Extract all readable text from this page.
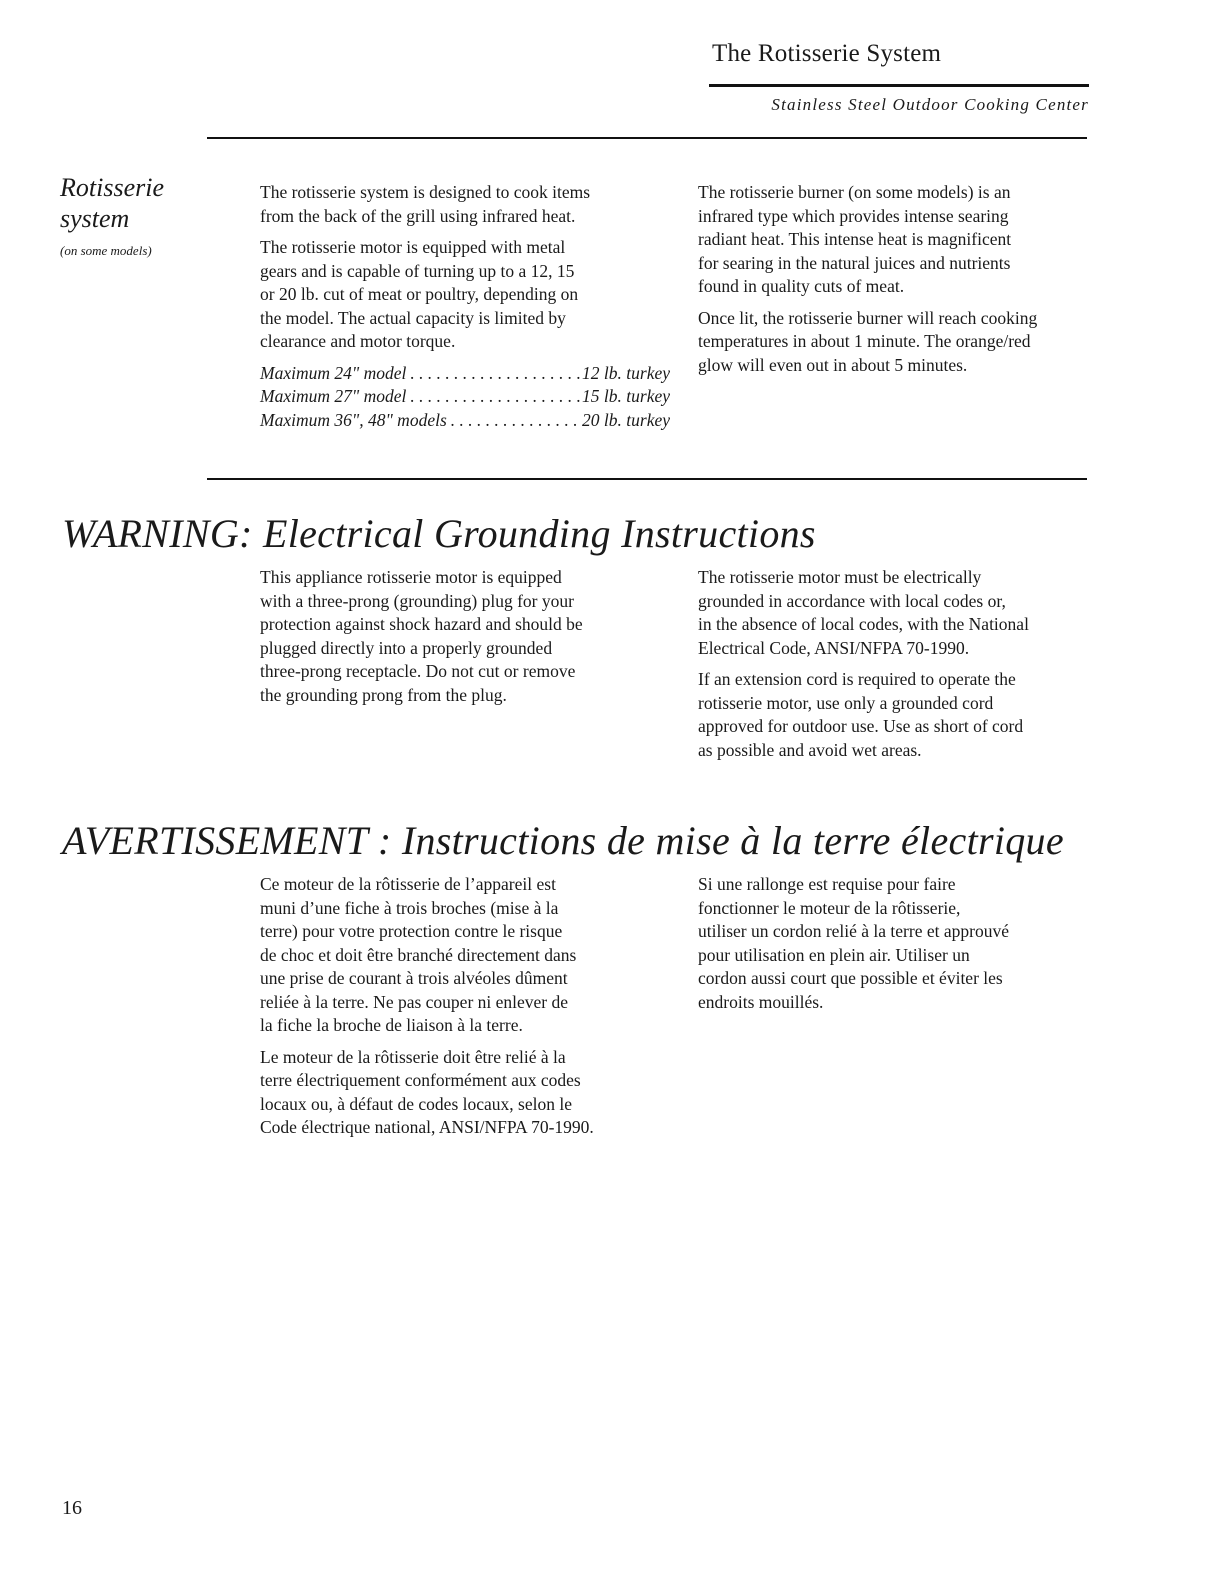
The Rotisserie System
Stainless Steel Outdoor Cooking Center
Rotisserie system
(on some models)

The rotisserie system is designed to cook items
from the back of the grill using infrared heat.

The rotisserie motor is equipped with metal
gears and is capable of turning up to a 12, 15
or 20 lb. cut of meat or poultry, depending on
the model. The actual capacity is limited by
clearance and motor torque.

Maximum 24" model . . .	12 lb. turkey
Maximum 27" model . . .	15 lb. turkey
Maximum 36", 48" models . . .	20 lb. turkey

The rotisserie burner (on some models) is an
infrared type which provides intense searing
radiant heat. This intense heat is magnificent
for searing in the natural juices and nutrients
found in quality cuts of meat.

Once lit, the rotisserie burner will reach cooking
temperatures in about 1 minute. The orange/red
glow will even out in about 5 minutes.

WARNING: Electrical Grounding Instructions

This appliance rotisserie motor is equipped
with a three-prong (grounding) plug for your
protection against shock hazard and should be
plugged directly into a properly grounded
three-prong receptacle. Do not cut or remove
the grounding prong from the plug.

The rotisserie motor must be electrically
grounded in accordance with local codes or,
in the absence of local codes, with the National
Electrical Code, ANSI/NFPA 70-1990.

If an extension cord is required to operate the
rotisserie motor, use only a grounded cord
approved for outdoor use. Use as short of cord
as possible and avoid wet areas.

AVERTISSEMENT : Instructions de mise à la terre électrique

Ce moteur de la rôtisserie de l’appareil est
muni d’une fiche à trois broches (mise à la
terre) pour votre protection contre le risque
de choc et doit être branché directement dans
une prise de courant à trois alvéoles dûment
reliée à la terre. Ne pas couper ni enlever de
la fiche la broche de liaison à la terre.

Le moteur de la rôtisserie doit être relié à la
terre électriquement conformément aux codes
locaux ou, à défaut de codes locaux, selon le
Code électrique national, ANSI/NFPA 70-1990.

Si une rallonge est requise pour faire
fonctionner le moteur de la rôtisserie,
utiliser un cordon relié à la terre et approuvé
pour utilisation en plein air. Utiliser un
cordon aussi court que possible et éviter les
endroits mouillés.

16
